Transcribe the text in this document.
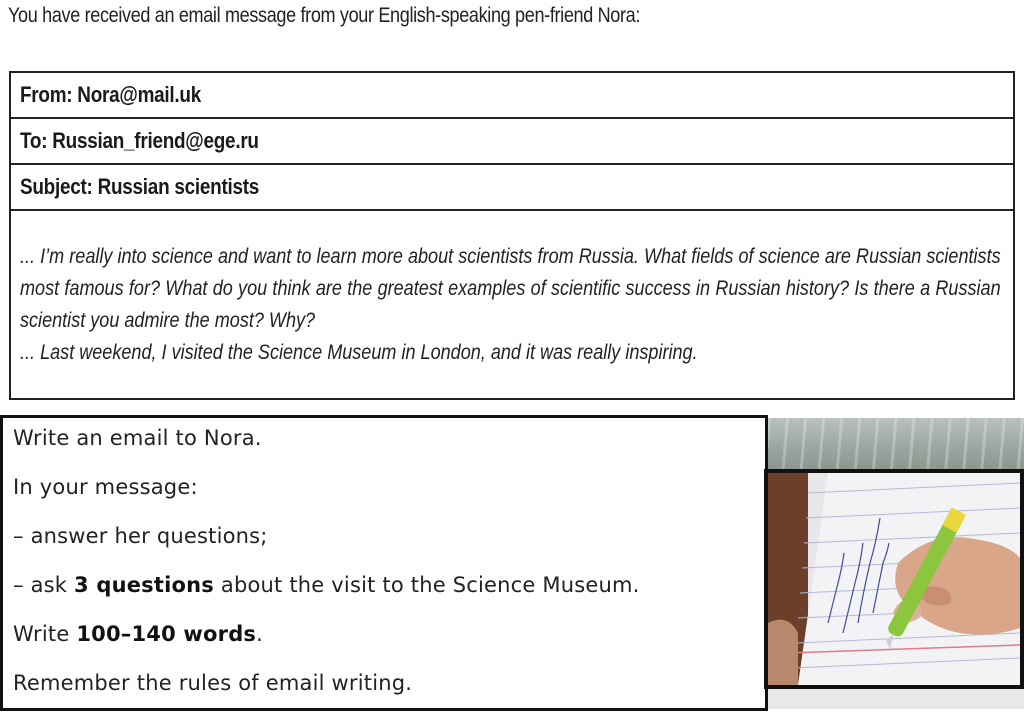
You have received an email message from your English-speaking pen-friend Nora:
From: Nora@mail.uk
To: Russian_friend@ege.ru
Subject: Russian scientists

... I’m really into science and want to learn more about scientists from Russia. What fields of science are Russian scientists most famous for? What do you think are the greatest examples of scientific success in Russian history? Is there a Russian scientist you admire the most? Why?

... Last weekend, I visited the Science Museum in London, and it was really inspiring.

Write an email to Nora.
In your message:
– answer her questions;
– ask 3 questions about the visit to the Science Museum.
Write 100–140 words.
Remember the rules of email writing.
